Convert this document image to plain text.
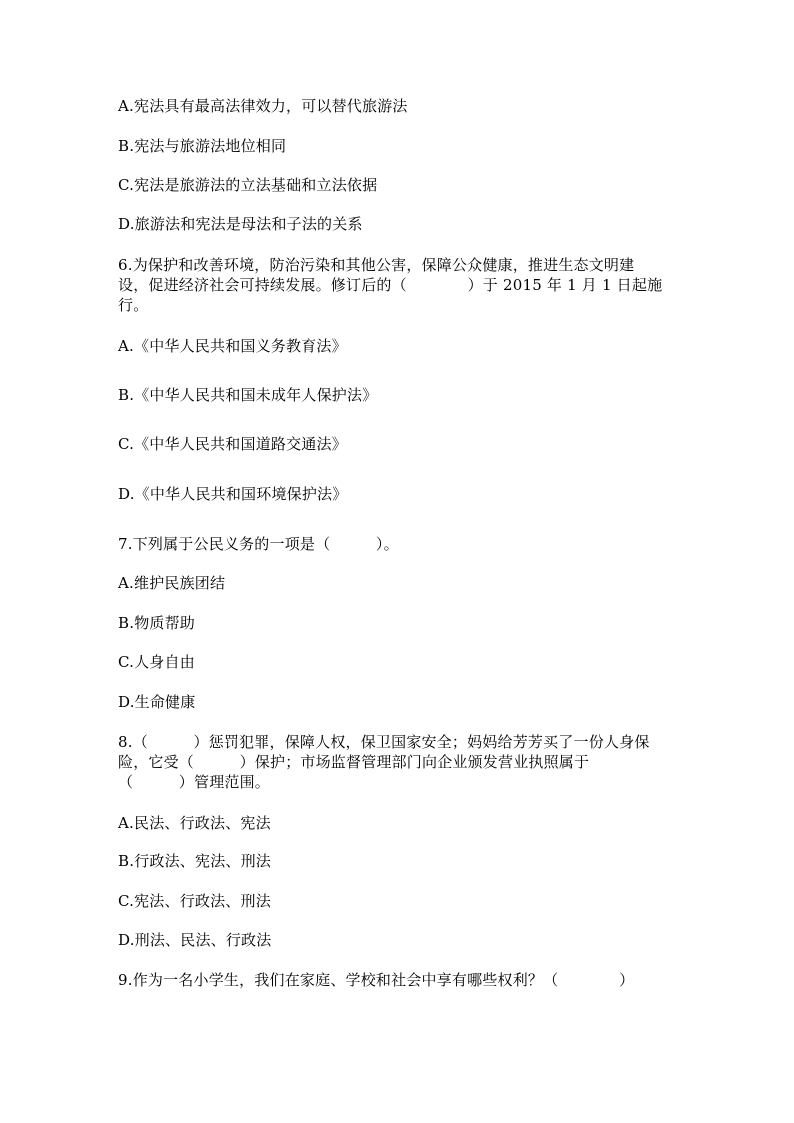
A.宪法具有最高法律效力，可以替代旅游法
B.宪法与旅游法地位相同
C.宪法是旅游法的立法基础和立法依据
D.旅游法和宪法是母法和子法的关系
6.为保护和改善环境，防治污染和其他公害，保障公众健康，推进生态文明建
设，促进经济社会可持续发展。修订后的（　　　　）于 2015 年 1 月 1 日起施
行。
A.《中华人民共和国义务教育法》
B.《中华人民共和国未成年人保护法》
C.《中华人民共和国道路交通法》
D.《中华人民共和国环境保护法》
7.下列属于公民义务的一项是（　　　）。
A.维护民族团结
B.物质帮助
C.人身自由
D.生命健康
8.（　　　）惩罚犯罪，保障人权，保卫国家安全；妈妈给芳芳买了一份人身保
险，它受（　　　）保护；市场监督管理部门向企业颁发营业执照属于
（　　　）管理范围。
A.民法、行政法、宪法
B.行政法、宪法、刑法
C.宪法、行政法、刑法
D.刑法、民法、行政法
9.作为一名小学生，我们在家庭、学校和社会中享有哪些权利？（　　　　）
